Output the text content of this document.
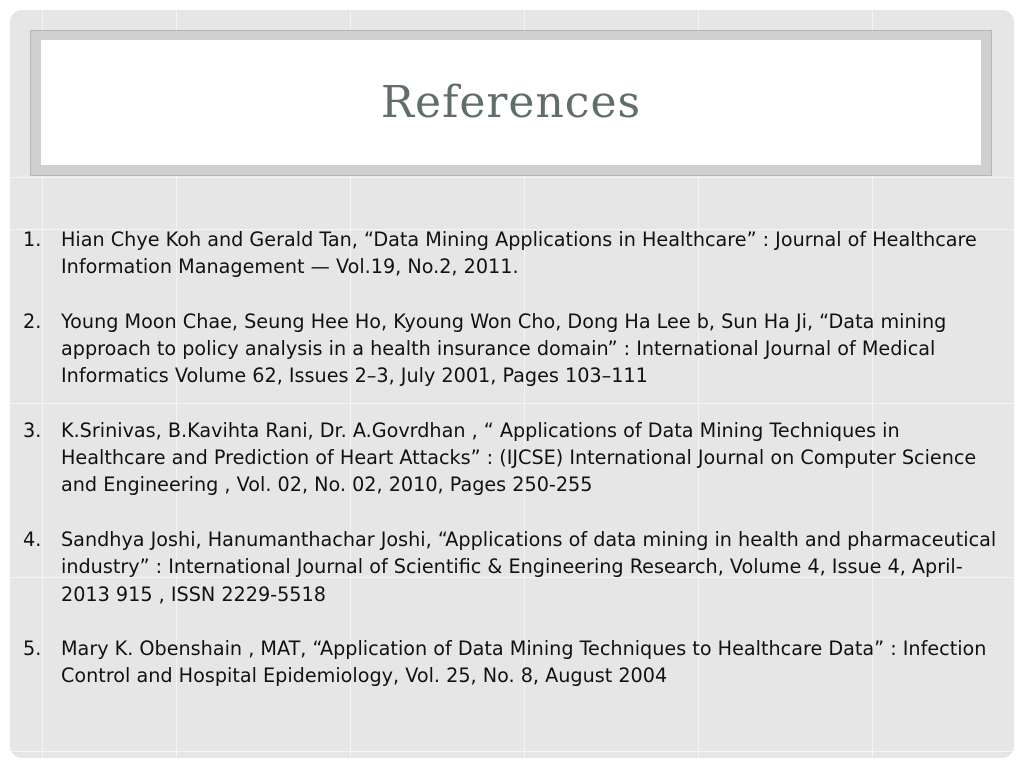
References
1.	Hian Chye Koh and Gerald Tan, “Data Mining Applications in Healthcare” : Journal of Healthcare Information Management — Vol.19, No.2, 2011.
2.	Young Moon Chae, Seung Hee Ho, Kyoung Won Cho, Dong Ha Lee b, Sun Ha Ji, “Data mining approach to policy analysis in a health insurance domain” : International Journal of Medical Informatics Volume 62, Issues 2–3, July 2001, Pages 103–111
3.	K.Srinivas, B.Kavihta Rani, Dr. A.Govrdhan , “ Applications of Data Mining Techniques in Healthcare and Prediction of Heart Attacks” : (IJCSE) International Journal on Computer Science and Engineering , Vol. 02, No. 02, 2010, Pages 250-255
4.	Sandhya Joshi, Hanumanthachar Joshi, “Applications of data mining in health and pharmaceutical industry” : International Journal of Scientific & Engineering Research, Volume 4, Issue 4, April-2013 915 , ISSN 2229-5518
5.	Mary K. Obenshain , MAT, “Application of Data Mining Techniques to Healthcare Data” : Infection Control and Hospital Epidemiology, Vol. 25, No. 8, August 2004
